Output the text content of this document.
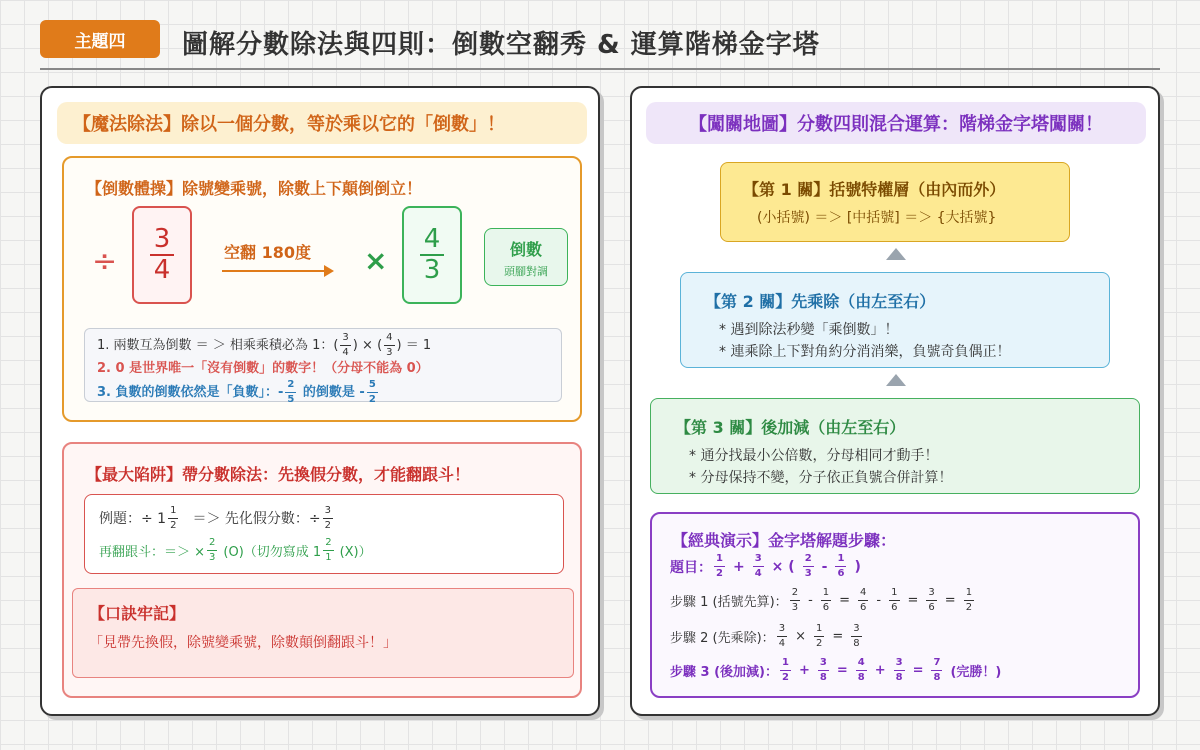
主題四	圖解分數除法與四則：倒數空翻秀 & 運算階梯金字塔
【魔法除法】除以一個分數，等於乘以它的「倒數」！
【倒數體操】除號變乘號，除數上下顛倒倒立！
÷ $\frac{3}{4}$ 空翻 180度 × $\frac{4}{3}$	倒數
頭腳對調
1. 兩數互為倒數 ＝ ＞ 相乘乘積必為 1：( $\frac{3}{4}$ ) × ( $\frac{4}{3}$ ) ＝ 1
2. 0 是世界唯一「沒有倒數」的數字！（分母不能為 0）
3. 負數的倒數依然是「負數」：- $\frac{2}{5}$ 的倒數是 - $\frac{5}{2}$
【最大陷阱】帶分數除法：先換假分數，才能翻跟斗！
例題：÷ $1 \frac{1}{2}$ ＝＞ 先化假分數：÷ $\frac{3}{2}$
再翻跟斗：＝＞ × $\frac{2}{3} (O)$（切勿寫成 $1 \frac{2}{1} (X)$）
【口訣牢記】
「見帶先換假，除號變乘號，除數顛倒翻跟斗！」
【闖關地圖】分數四則混合運算：階梯金字塔闖關！
【第 1 關】括號特權層（由內而外）
(小括號) ＝＞ [中括號] ＝＞ {大括號}
【第 2 關】先乘除（由左至右）
* 遇到除法秒變「乘倒數」！
* 連乘除上下對角約分消消樂，負號奇負偶正！
【第 3 關】後加減（由左至右）
* 通分找最小公倍數，分母相同才動手！
* 分母保持不變，分子依正負號合併計算！
【經典演示】金字塔解題步驟：
題目： $\frac{1}{2} + \frac{3}{4}$ × ( $\frac{2}{3} - \frac{1}{6}$ )
步驟 1 (括號先算)： $\frac{2}{3} - \frac{1}{6} = \frac{4}{6} - \frac{1}{6} = \frac{3}{6} = \frac{1}{2}$
步驟 2 (先乘除)： $\frac{3}{4} \times \frac{1}{2} = \frac{3}{8}$
步驟 3 (後加減)： $\frac{1}{2} + \frac{3}{8} = \frac{4}{8} + \frac{3}{8} = \frac{7}{8}$ (完勝！)
